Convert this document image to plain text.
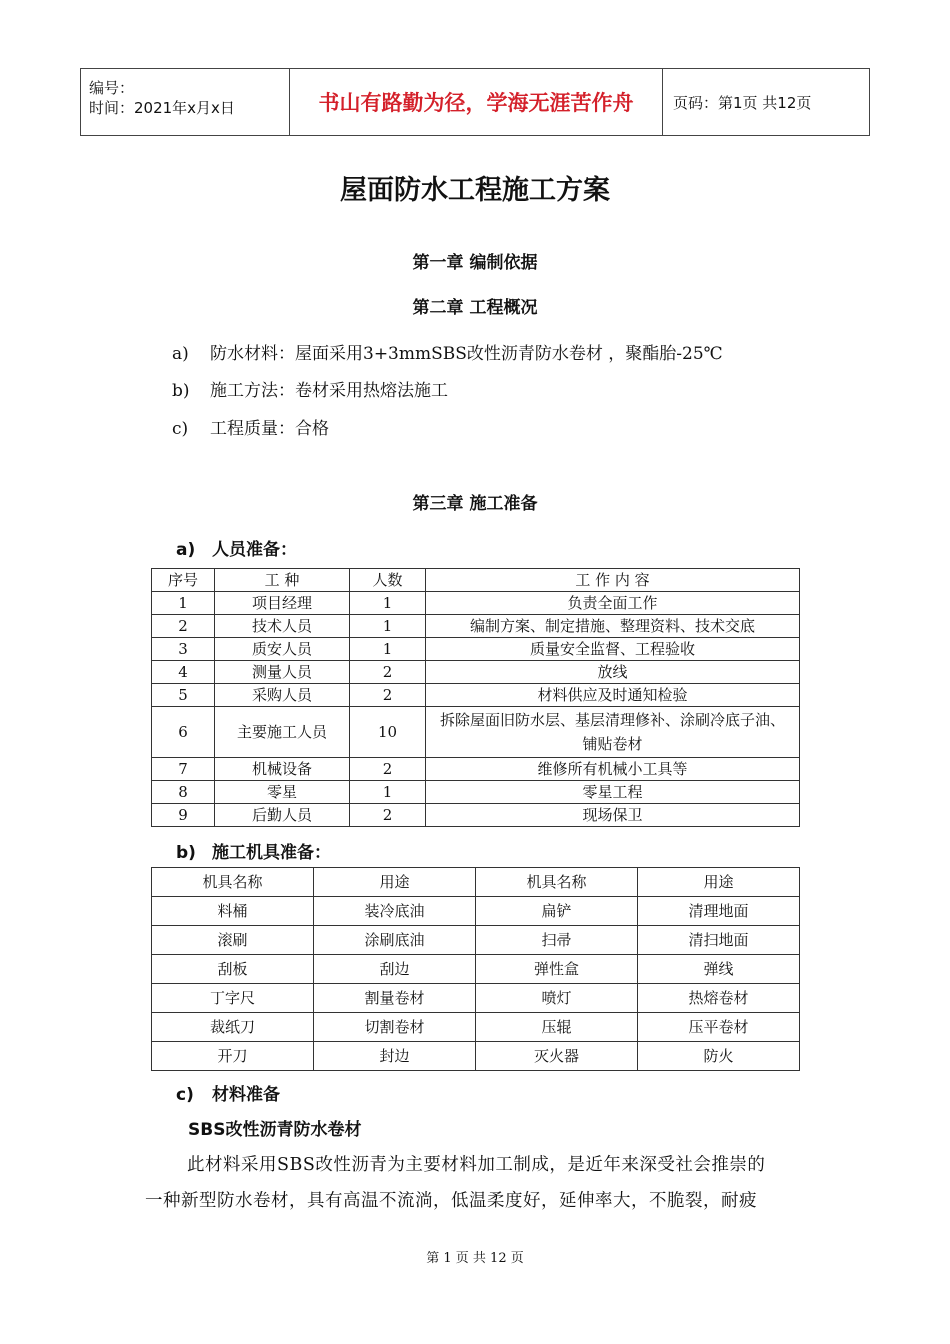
编号：
时间：2021年x月x日	书山有路勤为径，学海无涯苦作舟	页码：第1页 共12页
屋面防水工程施工方案
第一章 编制依据
第二章 工程概况
a) 防水材料：屋面采用3+3mmSBS改性沥青防水卷材 ，聚酯胎-25℃
b) 施工方法：卷材采用热熔法施工
c) 工程质量：合格
第三章 施工准备
a) 人员准备：
序号	工 种	人数	工 作 内 容
1	项目经理	1	负责全面工作
2	技术人员	1	编制方案、制定措施、整理资料、技术交底
3	质安人员	1	质量安全监督、工程验收
4	测量人员	2	放线
5	采购人员	2	材料供应及时通知检验
6	主要施工人员	10	拆除屋面旧防水层、基层清理修补、涂刷冷底子油、铺贴卷材
7	机械设备	2	维修所有机械小工具等
8	零星	1	零星工程
9	后勤人员	2	现场保卫
b) 施工机具准备：
机具名称	用途	机具名称	用途
料桶	装冷底油	扁铲	清理地面
滚刷	涂刷底油	扫帚	清扫地面
刮板	刮边	弹性盒	弹线
丁字尺	割量卷材	喷灯	热熔卷材
裁纸刀	切割卷材	压辊	压平卷材
开刀	封边	灭火器	防火
c) 材料准备
SBS改性沥青防水卷材
此材料采用SBS改性沥青为主要材料加工制成，是近年来深受社会推崇的
一种新型防水卷材，具有高温不流淌，低温柔度好，延伸率大，不脆裂，耐疲
第 1 页 共 12 页
